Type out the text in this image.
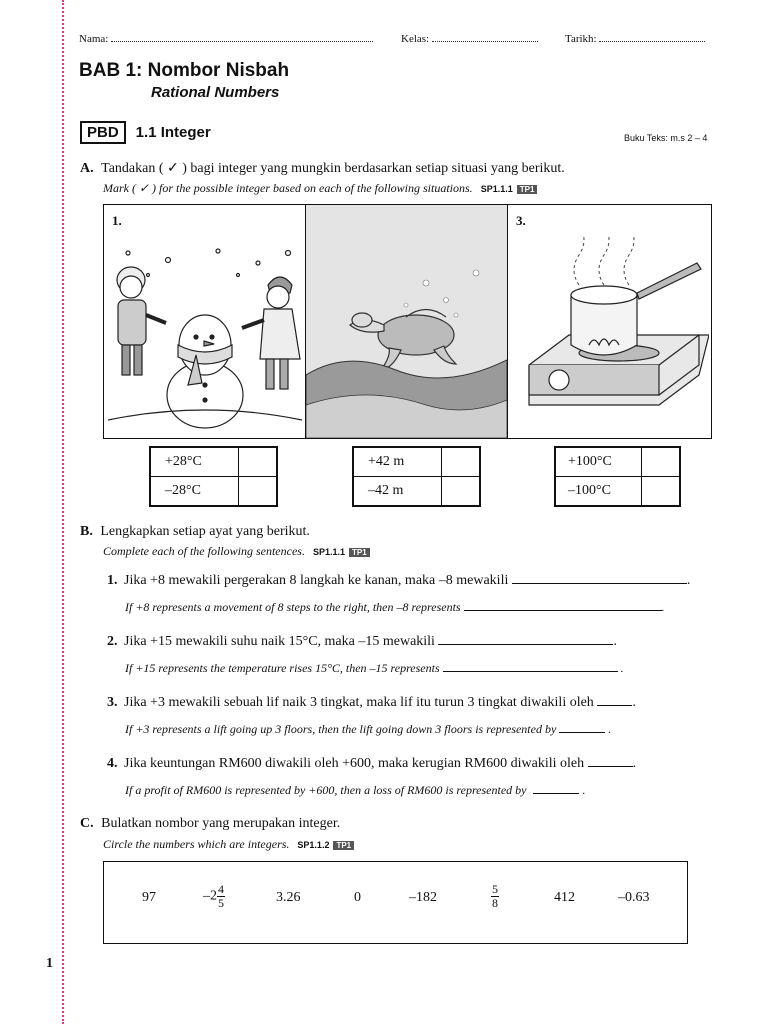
Nama:	Kelas:	Tarikh:
BAB 1: Nombor Nisbah
Rational Numbers
PBD 1.1 Integer	Buku Teks: m.s 2 – 4
A. Tandakan ( ✓ ) bagi integer yang mungkin berdasarkan setiap situasi yang berikut.
Mark ( ✓ ) for the possible integer based on each of the following situations. SP1.1.1 TP1
1.	3.
+28°C	
–28°C	
+42 m	
–42 m	
+100°C	
–100°C	
B. Lengkapkan setiap ayat yang berikut.
Complete each of the following sentences. SP1.1.1 TP1
1. Jika +8 mewakili pergerakan 8 langkah ke kanan, maka –8 mewakili	.
If +8 represents a movement of 8 steps to the right, then –8 represents	.
2. Jika +15 mewakili suhu naik 15°C, maka –15 mewakili	.
If +15 represents the temperature rises 15°C, then –15 represents	.
3. Jika +3 mewakili sebuah lif naik 3 tingkat, maka lif itu turun 3 tingkat diwakili oleh	.
If +3 represents a lift going up 3 floors, then the lift going down 3 floors is represented by	.
4. Jika keuntungan RM600 diwakili oleh +600, maka kerugian RM600 diwakili oleh	.
If a profit of RM600 is represented by +600, then a loss of RM600 is represented by	.
C. Bulatkan nombor yang merupakan integer.
Circle the numbers which are integers. SP1.1.2 TP1
97	$-2 \frac{4}{5}$	3.26	0	–182	$\frac{5}{8}$	412	–0.63
1
